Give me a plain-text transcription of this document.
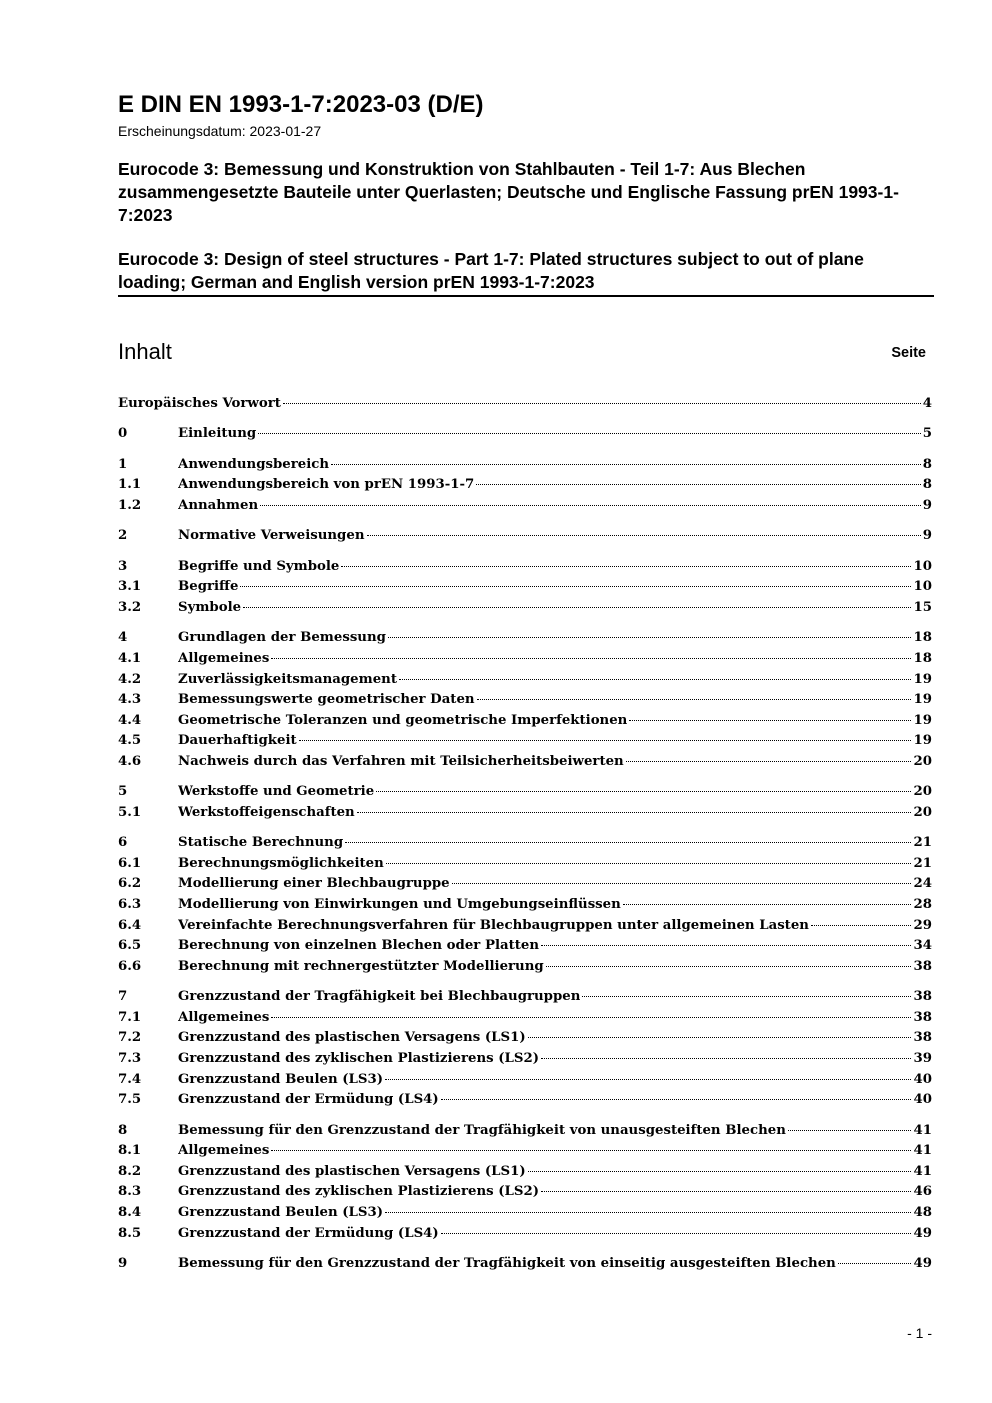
E DIN EN 1993-1-7:2023-03 (D/E)

Erscheinungsdatum: 2023-01-27

Eurocode 3: Bemessung und Konstruktion von Stahlbauten - Teil 1-7: Aus Blechen zusammengesetzte Bauteile unter Querlasten; Deutsche und Englische Fassung prEN 1993-1-7:2023

Eurocode 3: Design of steel structures - Part 1-7: Plated structures subject to out of plane loading; German and English version prEN 1993-1-7:2023

Inhalt	Seite
Europäisches Vorwort	4
0	Einleitung	5
1	Anwendungsbereich	8
1.1	Anwendungsbereich von prEN 1993-1-7	8
1.2	Annahmen	9
2	Normative Verweisungen	9
3	Begriffe und Symbole	10
3.1	Begriffe	10
3.2	Symbole	15
4	Grundlagen der Bemessung	18
4.1	Allgemeines	18
4.2	Zuverlässigkeitsmanagement	19
4.3	Bemessungswerte geometrischer Daten	19
4.4	Geometrische Toleranzen und geometrische Imperfektionen	19
4.5	Dauerhaftigkeit	19
4.6	Nachweis durch das Verfahren mit Teilsicherheitsbeiwerten	20
5	Werkstoffe und Geometrie	20
5.1	Werkstoffeigenschaften	20
6	Statische Berechnung	21
6.1	Berechnungsmöglichkeiten	21
6.2	Modellierung einer Blechbaugruppe	24
6.3	Modellierung von Einwirkungen und Umgebungseinflüssen	28
6.4	Vereinfachte Berechnungsverfahren für Blechbaugruppen unter allgemeinen Lasten	29
6.5	Berechnung von einzelnen Blechen oder Platten	34
6.6	Berechnung mit rechnergestützter Modellierung	38
7	Grenzzustand der Tragfähigkeit bei Blechbaugruppen	38
7.1	Allgemeines	38
7.2	Grenzzustand des plastischen Versagens (LS1)	38
7.3	Grenzzustand des zyklischen Plastizierens (LS2)	39
7.4	Grenzzustand Beulen (LS3)	40
7.5	Grenzzustand der Ermüdung (LS4)	40
8	Bemessung für den Grenzzustand der Tragfähigkeit von unausgesteiften Blechen	41
8.1	Allgemeines	41
8.2	Grenzzustand des plastischen Versagens (LS1)	41
8.3	Grenzzustand des zyklischen Plastizierens (LS2)	46
8.4	Grenzzustand Beulen (LS3)	48
8.5	Grenzzustand der Ermüdung (LS4)	49
9	Bemessung für den Grenzzustand der Tragfähigkeit von einseitig ausgesteiften Blechen	49
- 1 -
